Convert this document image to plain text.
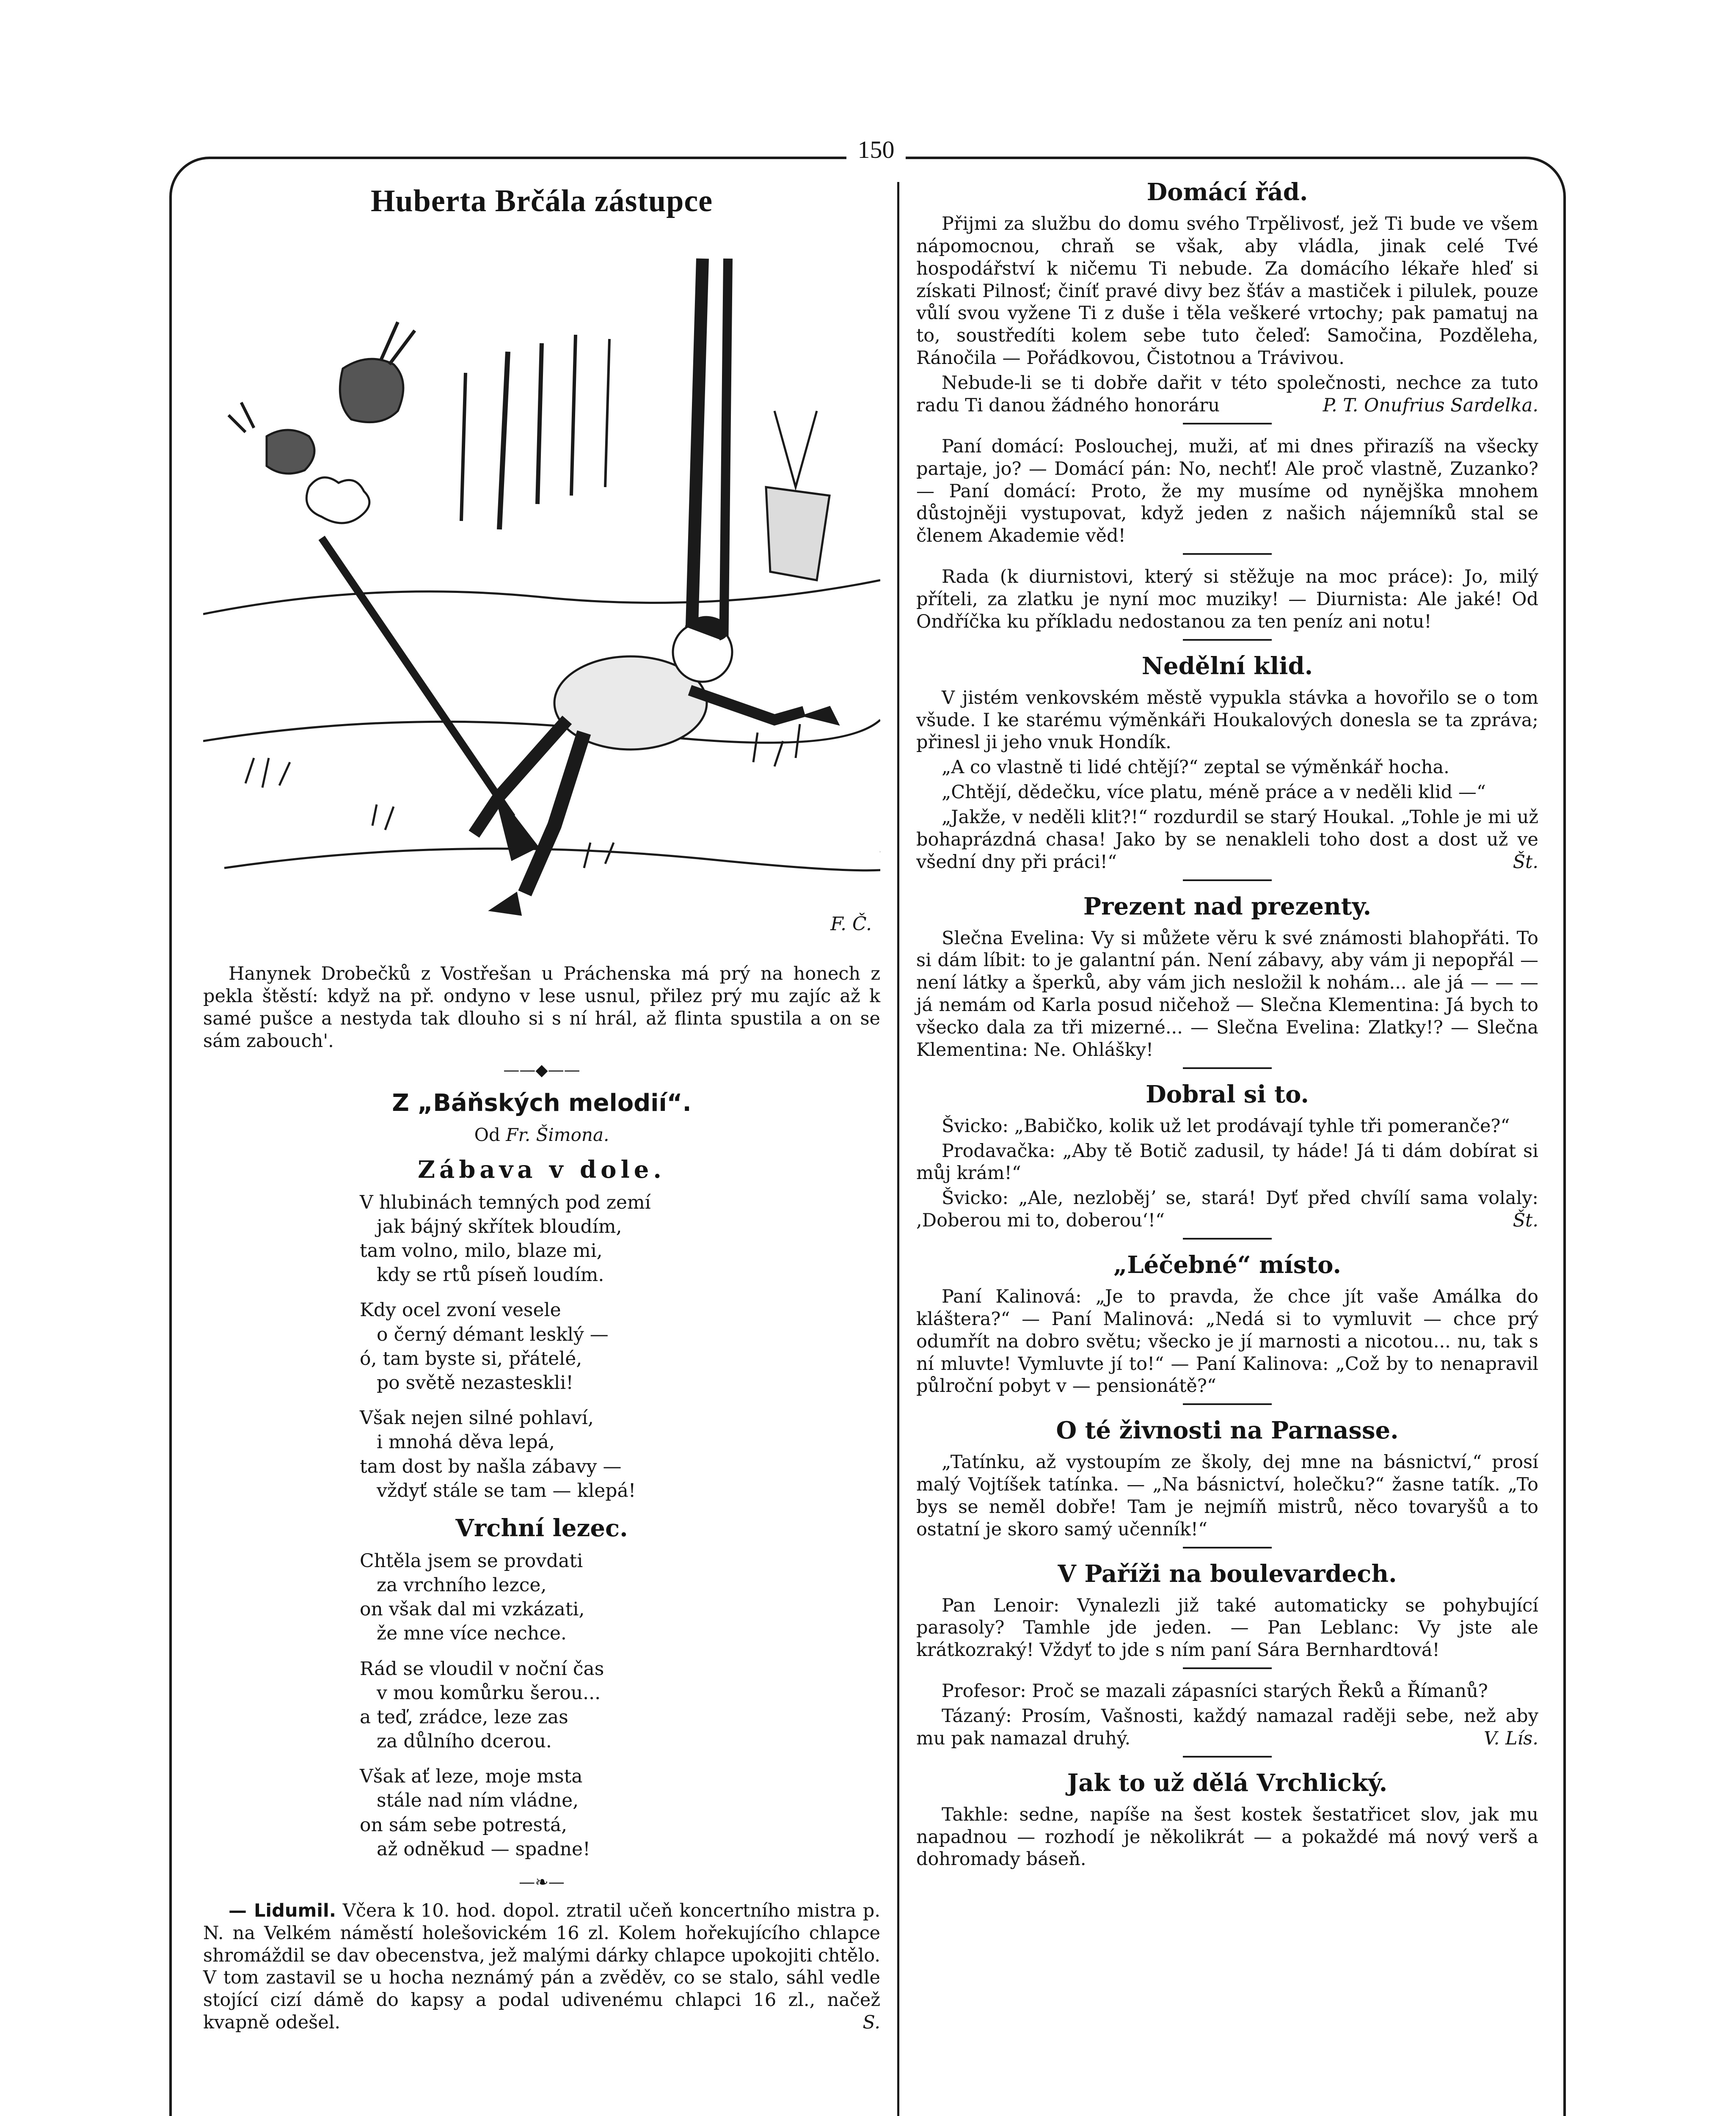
150
Huberta Brčála zástupce
F. Č.

Hanynek Drobečků z Vostřešan u Práchenska má prý na honech z pekla štěstí: když na př. ondyno v lese usnul, přilez prý mu zajíc až k samé pušce a nestyda tak dlouho si s ní hrál, až flinta spustila a on se sám zabouch'.

——◆——
Z „Báňských melodií“.
Od Fr. Šimona.
Zábava v dole.
V hlubinách temných pod zemí
jak bájný skřítek bloudím,
tam volno, milo, blaze mi,
kdy se rtů píseň loudím.
Kdy ocel zvoní vesele
o černý démant lesklý —
ó, tam byste si, přátelé,
po světě nezasteskli!
Však nejen silné pohlaví,
i mnohá děva lepá,
tam dost by našla zábavy —
vždyť stále se tam — klepá!
Vrchní lezec.
Chtěla jsem se provdati
za vrchního lezce,
on však dal mi vzkázati,
že mne více nechce.
Rád se vloudil v noční čas
v mou komůrku šerou...
a teď, zrádce, leze zas
za důlního dcerou.
Však ať leze, moje msta
stále nad ním vládne,
on sám sebe potrestá,
až odněkud — spadne!
—❧—

— Lidumil. Včera k 10. hod. dopol. ztratil učeň koncertního mistra p. N. na Velkém náměstí holešovickém 16 zl. Kolem hořekujícího chlapce shromáždil se dav obecenstva, jež malými dárky chlapce upokojiti chtělo. V tom zastavil se u hocha neznámý pán a zvěděv, co se stalo, sáhl vedle stojící cizí dámě do kapsy a podal udivenému chlapci 16 zl., načež kvapně odešel.	S.

Domácí řád.

Přijmi za službu do domu svého Trpělivosť, jež Ti bude ve všem nápomocnou, chraň se však, aby vládla, jinak celé Tvé hospodářství k ničemu Ti nebude. Za domácího lékaře hleď si získati Pilnosť; činíť pravé divy bez šťáv a mastiček i pilulek, pouze vůlí svou vyžene Ti z duše i těla veškeré vrtochy; pak pamatuj na to, soustředíti kolem sebe tuto čeleď: Samočina, Pozděleha, Ránočila — Pořádkovou, Čistotnou a Trávivou.

Nebude-li se ti dobře dařit v této společnosti, nechce za tuto radu Ti danou žádného honoráru	P. T. Onufrius Sardelka.

Paní domácí: Poslouchej, muži, ať mi dnes přirazíš na všecky partaje, jo? — Domácí pán: No, nechť! Ale proč vlastně, Zuzanko? — Paní domácí: Proto, že my musíme od nynějška mnohem důstojněji vystupovat, když jeden z našich nájemníků stal se členem Akademie věd!

Rada (k diurnistovi, který si stěžuje na moc práce): Jo, milý příteli, za zlatku je nyní moc muziky! — Diurnista: Ale jaké! Od Ondříčka ku příkladu nedostanou za ten peníz ani notu!

Nedělní klid.

V jistém venkovském městě vypukla stávka a hovořilo se o tom všude. I ke starému výměnkáři Houkalových donesla se ta zpráva; přinesl ji jeho vnuk Hondík.

„A co vlastně ti lidé chtějí?“ zeptal se výměnkář hocha.

„Chtějí, dědečku, více platu, méně práce a v neděli klid —“

„Jakže, v neděli klit?!“ rozdurdil se starý Houkal. „Tohle je mi už bohaprázdná chasa! Jako by se nenakleli toho dost a dost už ve všední dny při práci!“	Št.

Prezent nad prezenty.

Slečna Evelina: Vy si můžete věru k své známosti blahopřáti. To si dám líbit: to je galantní pán. Není zábavy, aby vám ji nepopřál — není látky a šperků, aby vám jich nesložil k nohám... ale já — — — já nemám od Karla posud ničehož — Slečna Klementina: Já bych to všecko dala za tři mizerné... — Slečna Evelina: Zlatky!? — Slečna Klementina: Ne. Ohlášky!

Dobral si to.

Švicko: „Babičko, kolik už let prodávají tyhle tři pomeranče?“

Prodavačka: „Aby tě Botič zadusil, ty háde! Já ti dám dobírat si můj krám!“

Švicko: „Ale, nezlobějʼ se, stará! Dyť před chvílí sama volaly: ,Doberou mi to, doberou‘!“	Št.

„Léčebné“ místo.

Paní Kalinová: „Je to pravda, že chce jít vaše Amálka do kláštera?“ — Paní Malinová: „Nedá si to vymluvit — chce prý odumřít na dobro světu; všecko je jí marnosti a nicotou... nu, tak s ní mluvte! Vymluvte jí to!“ — Paní Kalinova: „Což by to nenapravil půlroční pobyt v — pensionátě?“

O té živnosti na Parnasse.

„Tatínku, až vystoupím ze školy, dej mne na básnictví,“ prosí malý Vojtíšek tatínka. — „Na básnictví, holečku?“ žasne tatík. „To bys se neměl dobře! Tam je nejmíň mistrů, něco tovaryšů a to ostatní je skoro samý učenník!“

V Paříži na boulevardech.

Pan Lenoir: Vynalezli již také automaticky se pohybující parasoly? Tamhle jde jeden. — Pan Leblanc: Vy jste ale krátkozraký! Vždyť to jde s ním paní Sára Bernhardtová!

Profesor: Proč se mazali zápasníci starých Řeků a Římanů?

Tázaný: Prosím, Vašnosti, každý namazal raději sebe, než aby mu pak namazal druhý.	V. Lís.

Jak to už dělá Vrchlický.

Takhle: sedne, napíše na šest kostek šestatřicet slov, jak mu napadnou — rozhodí je několikrát — a pokaždé má nový verš a dohromady báseň.
